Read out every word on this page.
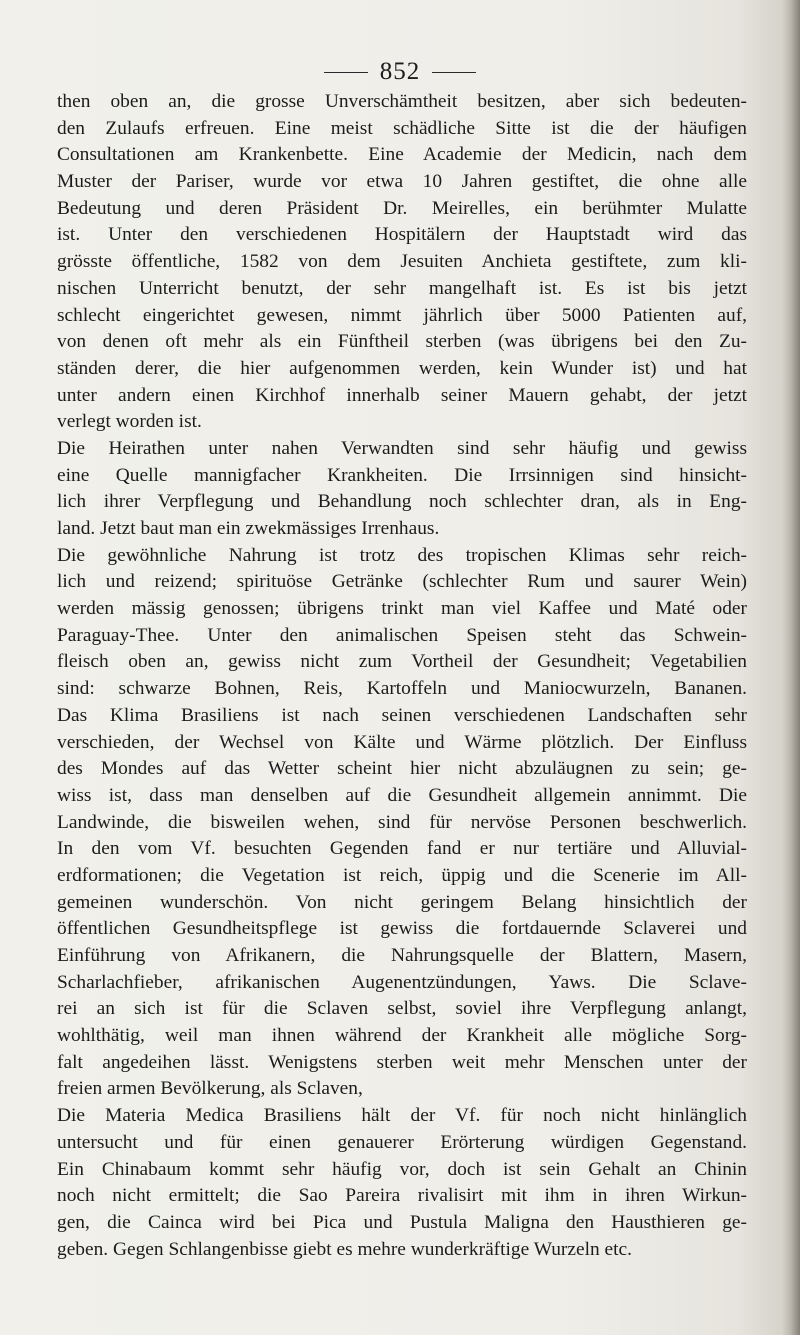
852
then oben an, die grosse Unverschämtheit besitzen, aber sich bedeuten-
den Zulaufs erfreuen. Eine meist schädliche Sitte ist die der häufigen
Consultationen am Krankenbette. Eine Academie der Medicin, nach dem
Muster der Pariser, wurde vor etwa 10 Jahren gestiftet, die ohne alle
Bedeutung und deren Präsident Dr. Meirelles, ein berühmter Mulatte
ist. Unter den verschiedenen Hospitälern der Hauptstadt wird das
grösste öffentliche, 1582 von dem Jesuiten Anchieta gestiftete, zum kli-
nischen Unterricht benutzt, der sehr mangelhaft ist. Es ist bis jetzt
schlecht eingerichtet gewesen, nimmt jährlich über 5000 Patienten auf,
von denen oft mehr als ein Fünftheil sterben (was übrigens bei den Zu-
ständen derer, die hier aufgenommen werden, kein Wunder ist) und hat
unter andern einen Kirchhof innerhalb seiner Mauern gehabt, der jetzt
verlegt worden ist.
Die Heirathen unter nahen Verwandten sind sehr häufig und gewiss
eine Quelle mannigfacher Krankheiten. Die Irrsinnigen sind hinsicht-
lich ihrer Verpflegung und Behandlung noch schlechter dran, als in Eng-
land. Jetzt baut man ein zwekmässiges Irrenhaus.
Die gewöhnliche Nahrung ist trotz des tropischen Klimas sehr reich-
lich und reizend; spirituöse Getränke (schlechter Rum und saurer Wein)
werden mässig genossen; übrigens trinkt man viel Kaffee und Maté oder
Paraguay-Thee. Unter den animalischen Speisen steht das Schwein-
fleisch oben an, gewiss nicht zum Vortheil der Gesundheit; Vegetabilien
sind: schwarze Bohnen, Reis, Kartoffeln und Maniocwurzeln, Bananen.
Das Klima Brasiliens ist nach seinen verschiedenen Landschaften sehr
verschieden, der Wechsel von Kälte und Wärme plötzlich. Der Einfluss
des Mondes auf das Wetter scheint hier nicht abzuläugnen zu sein; ge-
wiss ist, dass man denselben auf die Gesundheit allgemein annimmt. Die
Landwinde, die bisweilen wehen, sind für nervöse Personen beschwerlich.
In den vom Vf. besuchten Gegenden fand er nur tertiäre und Alluvial-
erdformationen; die Vegetation ist reich, üppig und die Scenerie im All-
gemeinen wunderschön. Von nicht geringem Belang hinsichtlich der
öffentlichen Gesundheitspflege ist gewiss die fortdauernde Sclaverei und
Einführung von Afrikanern, die Nahrungsquelle der Blattern, Masern,
Scharlachfieber, afrikanischen Augenentzündungen, Yaws. Die Sclave-
rei an sich ist für die Sclaven selbst, soviel ihre Verpflegung anlangt,
wohlthätig, weil man ihnen während der Krankheit alle mögliche Sorg-
falt angedeihen lässt. Wenigstens sterben weit mehr Menschen unter der
freien armen Bevölkerung, als Sclaven,
Die Materia Medica Brasiliens hält der Vf. für noch nicht hinlänglich
untersucht und für einen genauerer Erörterung würdigen Gegenstand.
Ein Chinabaum kommt sehr häufig vor, doch ist sein Gehalt an Chinin
noch nicht ermittelt; die Sao Pareira rivalisirt mit ihm in ihren Wirkun-
gen, die Cainca wird bei Pica und Pustula Maligna den Hausthieren ge-
geben. Gegen Schlangenbisse giebt es mehre wunderkräftige Wurzeln etc.
